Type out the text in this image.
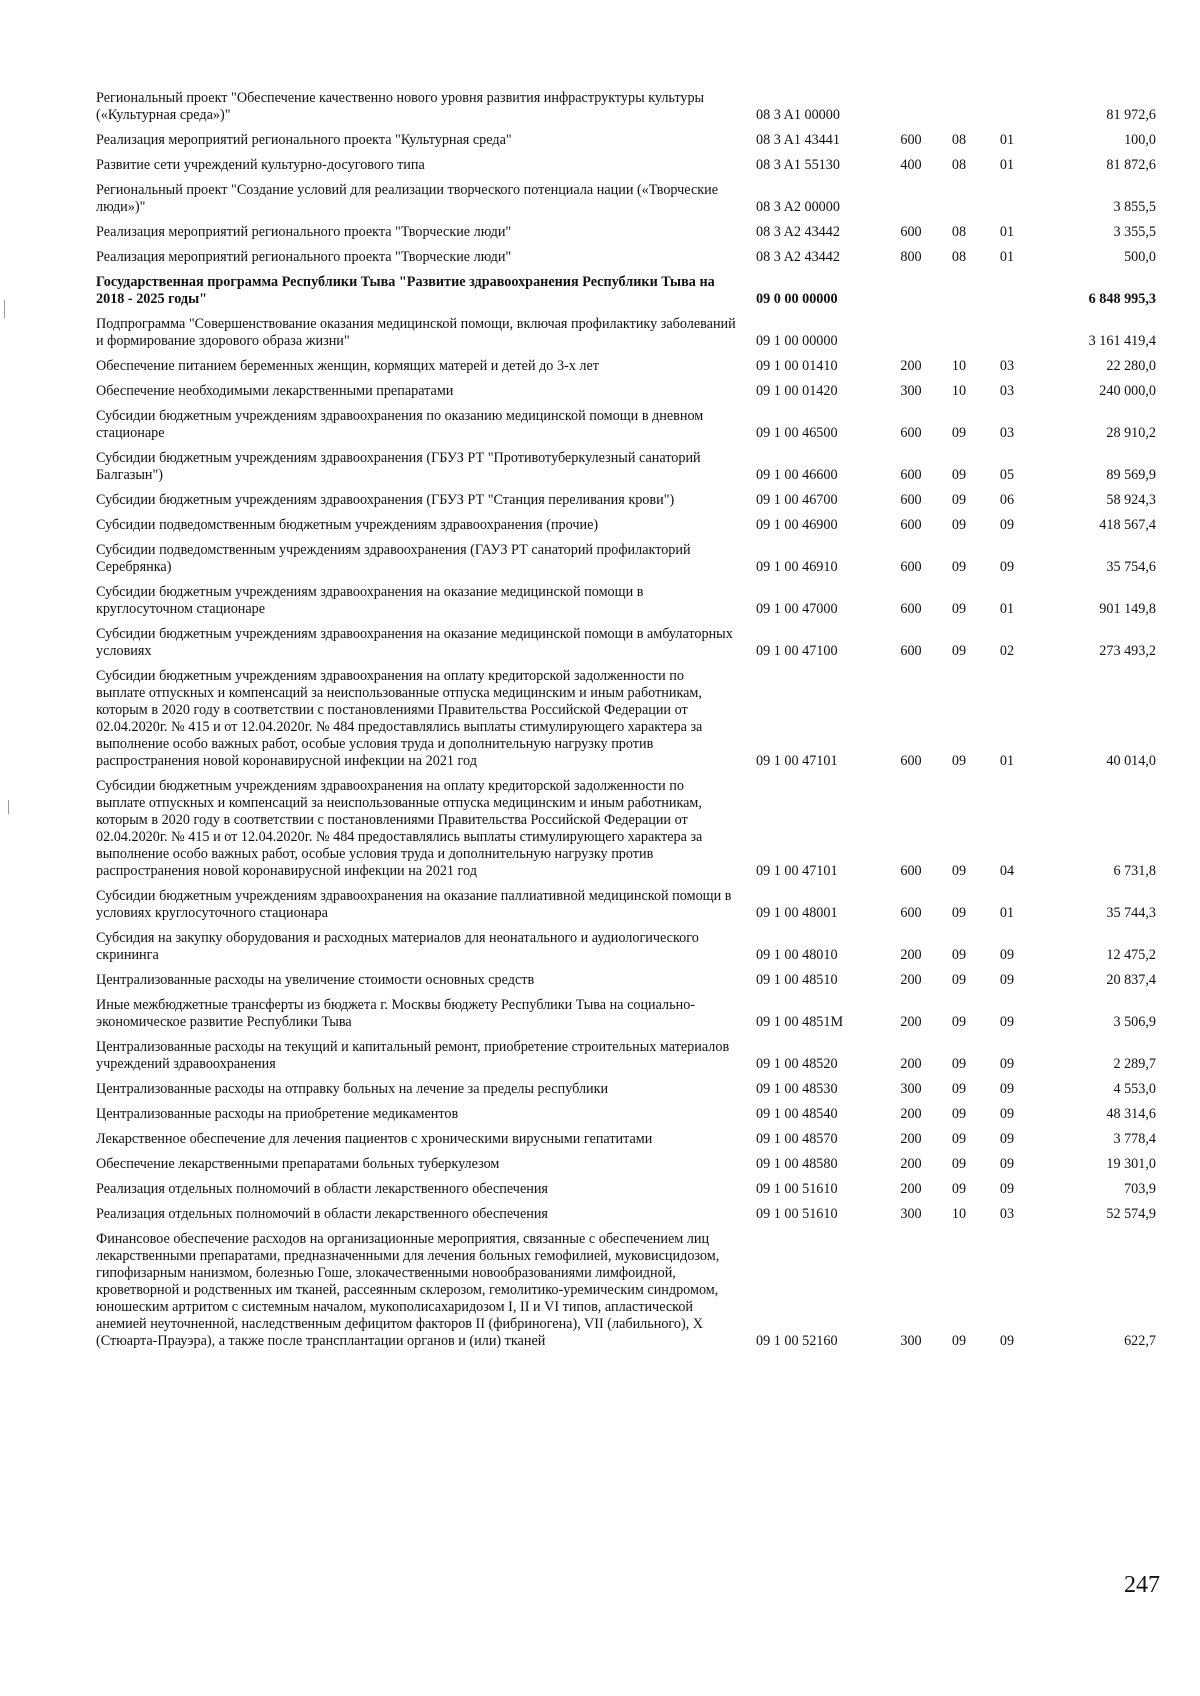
Региональный проект "Обеспечение качественно нового уровня развития инфраструктуры культуры («Культурная среда»)"	08 3 A1 00000				81 972,6
Реализация мероприятий регионального проекта "Культурная среда"	08 3 A1 43441	600	08	01	100,0
Развитие сети учреждений культурно-досугового типа	08 3 A1 55130	400	08	01	81 872,6
Региональный проект "Создание условий для реализации творческого потенциала нации («Творческие люди»)"	08 3 A2 00000				3 855,5
Реализация мероприятий регионального проекта "Творческие люди"	08 3 A2 43442	600	08	01	3 355,5
Реализация мероприятий регионального проекта "Творческие люди"	08 3 A2 43442	800	08	01	500,0
Государственная программа Республики Тыва "Развитие здравоохранения Республики Тыва на 2018 - 2025 годы"	09 0 00 00000				6 848 995,3
Подпрограмма "Совершенствование оказания медицинской помощи, включая профилактику заболеваний и формирование здорового образа жизни"	09 1 00 00000				3 161 419,4
Обеспечение питанием беременных женщин, кормящих матерей и детей до 3-х лет	09 1 00 01410	200	10	03	22 280,0
Обеспечение необходимыми лекарственными препаратами	09 1 00 01420	300	10	03	240 000,0
Субсидии бюджетным учреждениям здравоохранения по оказанию медицинской помощи в дневном стационаре	09 1 00 46500	600	09	03	28 910,2
Субсидии бюджетным учреждениям здравоохранения (ГБУЗ РТ "Противотуберкулезный санаторий Балгазын")	09 1 00 46600	600	09	05	89 569,9
Субсидии бюджетным учреждениям здравоохранения (ГБУЗ РТ "Станция переливания крови")	09 1 00 46700	600	09	06	58 924,3
Субсидии подведомственным бюджетным учреждениям здравоохранения (прочие)	09 1 00 46900	600	09	09	418 567,4
Субсидии подведомственным учреждениям здравоохранения (ГАУЗ РТ санаторий профилакторий Серебрянка)	09 1 00 46910	600	09	09	35 754,6
Субсидии бюджетным учреждениям здравоохранения на оказание медицинской помощи в круглосуточном стационаре	09 1 00 47000	600	09	01	901 149,8
Субсидии бюджетным учреждениям здравоохранения на оказание медицинской помощи в амбулаторных условиях	09 1 00 47100	600	09	02	273 493,2
Субсидии бюджетным учреждениям здравоохранения на оплату кредиторской задолженности по выплате отпускных и компенсаций за неиспользованные отпуска медицинским и иным работникам, которым в 2020 году в соответствии с постановлениями Правительства Российской Федерации от 02.04.2020г. № 415 и от 12.04.2020г. № 484 предоставлялись выплаты стимулирующего характера за выполнение особо важных работ, особые условия труда и дополнительную нагрузку против распространения новой коронавирусной инфекции на 2021 год	09 1 00 47101	600	09	01	40 014,0
Субсидии бюджетным учреждениям здравоохранения на оплату кредиторской задолженности по выплате отпускных и компенсаций за неиспользованные отпуска медицинским и иным работникам, которым в 2020 году в соответствии с постановлениями Правительства Российской Федерации от 02.04.2020г. № 415 и от 12.04.2020г. № 484 предоставлялись выплаты стимулирующего характера за выполнение особо важных работ, особые условия труда и дополнительную нагрузку против распространения новой коронавирусной инфекции на 2021 год	09 1 00 47101	600	09	04	6 731,8
Субсидии бюджетным учреждениям здравоохранения на оказание паллиативной медицинской помощи в условиях круглосуточного стационара	09 1 00 48001	600	09	01	35 744,3
Субсидия на закупку оборудования и расходных материалов для неонатального и аудиологического скрининга	09 1 00 48010	200	09	09	12 475,2
Централизованные расходы на увеличение стоимости основных средств	09 1 00 48510	200	09	09	20 837,4
Иные межбюджетные трансферты из бюджета г. Москвы бюджету Республики Тыва на социально-экономическое развитие Республики Тыва	09 1 00 4851M	200	09	09	3 506,9
Централизованные расходы на текущий и капитальный ремонт, приобретение строительных материалов учреждений здравоохранения	09 1 00 48520	200	09	09	2 289,7
Централизованные расходы на отправку больных на лечение за пределы республики	09 1 00 48530	300	09	09	4 553,0
Централизованные расходы на приобретение медикаментов	09 1 00 48540	200	09	09	48 314,6
Лекарственное обеспечение для лечения пациентов с хроническими вирусными гепатитами	09 1 00 48570	200	09	09	3 778,4
Обеспечение лекарственными препаратами больных туберкулезом	09 1 00 48580	200	09	09	19 301,0
Реализация отдельных полномочий в области лекарственного обеспечения	09 1 00 51610	200	09	09	703,9
Реализация отдельных полномочий в области лекарственного обеспечения	09 1 00 51610	300	10	03	52 574,9
Финансовое обеспечение расходов на организационные мероприятия, связанные с обеспечением лиц лекарственными препаратами, предназначенными для лечения больных гемофилией, муковисцидозом, гипофизарным нанизмом, болезнью Гоше, злокачественными новообразованиями лимфоидной, кроветворной и родственных им тканей, рассеянным склерозом, гемолитико-уремическим синдромом, юношеским артритом с системным началом, мукополисахаридозом I, II и VI типов, апластической анемией неуточненной, наследственным дефицитом факторов II (фибриногена), VII (лабильного), X (Стюарта-Прауэра), а также после трансплантации органов и (или) тканей	09 1 00 52160	300	09	09	622,7
247
